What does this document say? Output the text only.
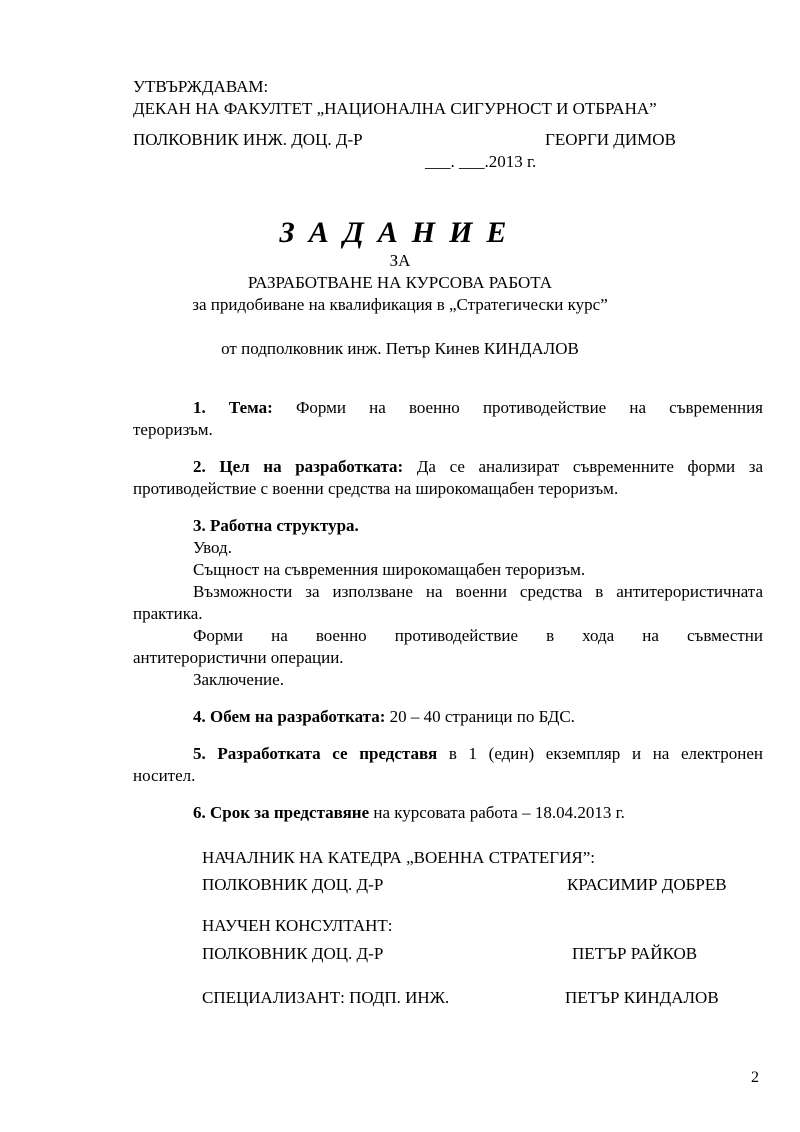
УТВЪРЖДАВАМ:
ДЕКАН НА ФАКУЛТЕТ „НАЦИОНАЛНА СИГУРНОСТ И ОТБРАНА”
ПОЛКОВНИК ИНЖ. ДОЦ. Д-Р	ГЕОРГИ ДИМОВ
___. ___.2013 г.
ЗАДАНИЕ
ЗА
РАЗРАБОТВАНЕ НА КУРСОВА РАБОТА
за придобиване на квалификация в „Стратегически курс”
от подполковник инж. Петър Кинев КИНДАЛОВ
1. Тема: Форми на военно противодействие на съвременния
тероризъм.
2. Цел на разработката: Да се анализират съвременните форми за
противодействие с военни средства на широкомащабен тероризъм.
3. Работна структура.
Увод.
Същност на съвременния широкомащабен тероризъм.
Възможности за използване на военни средства в антитерористичната
практика.
Форми на военно противодействие в хода на съвместни
антитерористични операции.
Заключение.
4. Обем на разработката: 20 – 40 страници по БДС.
5. Разработката се представя в 1 (един) екземпляр и на електронен
носител.
6. Срок за представяне на курсовата работа – 18.04.2013 г.
НАЧАЛНИК НА КАТЕДРА „ВОЕННА СТРАТЕГИЯ”:
ПОЛКОВНИК ДОЦ. Д-Р	КРАСИМИР ДОБРЕВ
НАУЧЕН КОНСУЛТАНТ:
ПОЛКОВНИК ДОЦ. Д-Р	ПЕТЪР РАЙКОВ
СПЕЦИАЛИЗАНТ: ПОДП. ИНЖ.	ПЕТЪР КИНДАЛОВ
2
